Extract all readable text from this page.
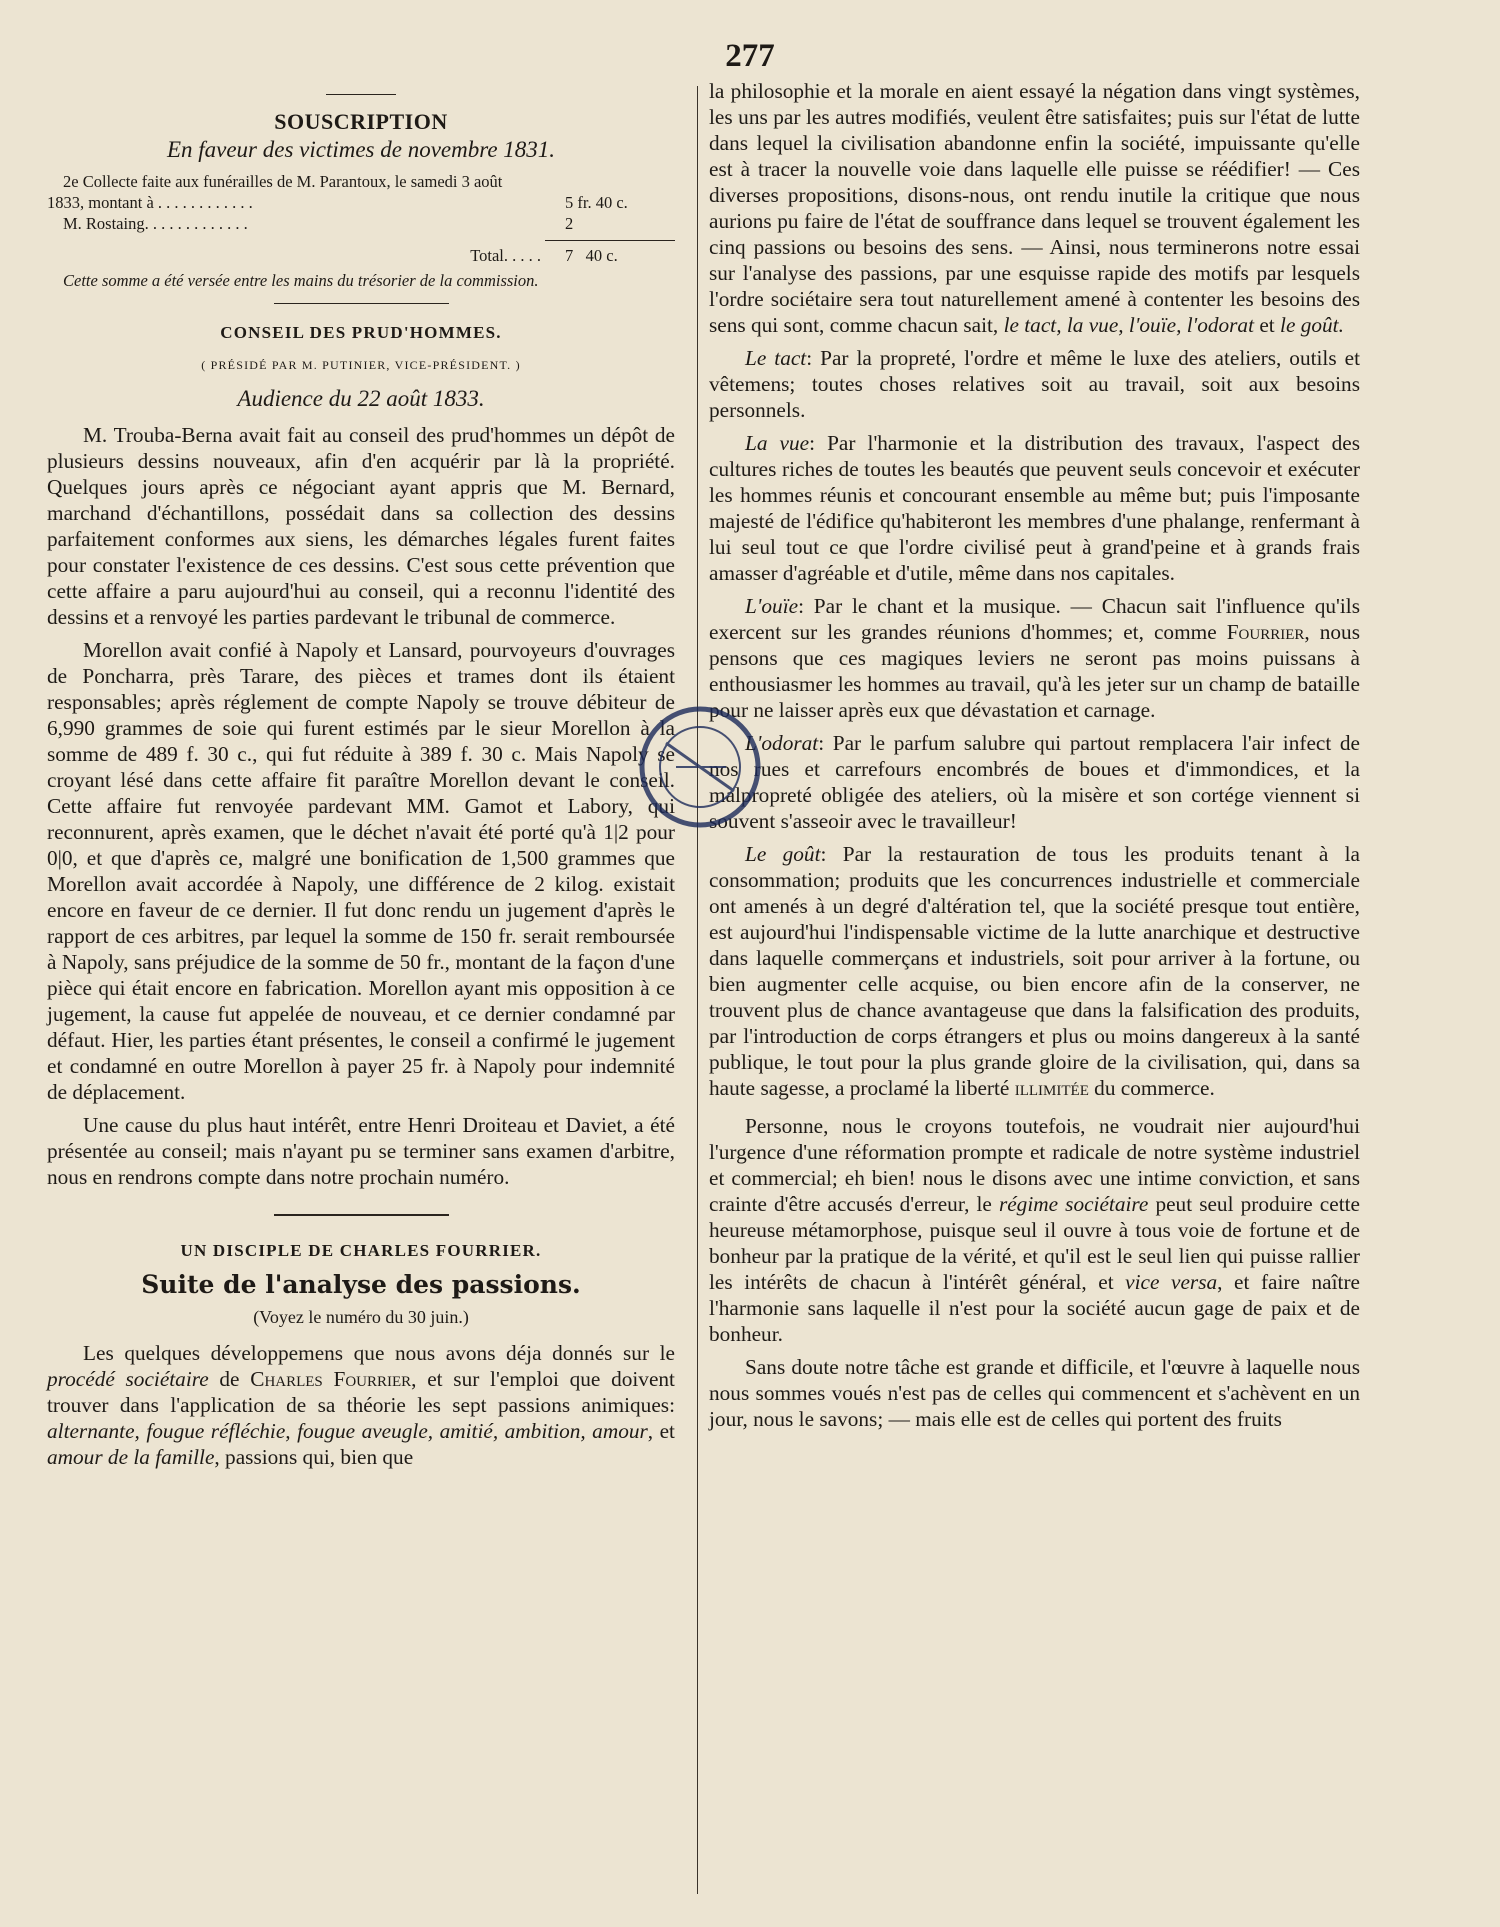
277
SOUSCRIPTION
En faveur des victimes de novembre 1831.
2e Collecte faite aux funérailles de M. Parantoux, le samedi 3 août
1833, montant à . . . . . . . . . . . .	5 fr. 40 c.
M. Rostaing. . . . . . . . . . . . .	2
Total. . . . .	7   40 c.
Cette somme a été versée entre les mains du trésorier de la commission.
CONSEIL DES PRUD'HOMMES.
( PRÉSIDÉ PAR M. PUTINIER, VICE-PRÉSIDENT. )
Audience du 22 août 1833.

M. Trouba-Berna avait fait au conseil des prud'hommes un dépôt de plusieurs dessins nouveaux, afin d'en acquérir par là la propriété. Quelques jours après ce négociant ayant appris que M. Bernard, marchand d'échantillons, possédait dans sa collection des dessins parfaitement conformes aux siens, les démarches légales furent faites pour constater l'existence de ces dessins. C'est sous cette prévention que cette affaire a paru aujourd'hui au conseil, qui a reconnu l'identité des dessins et a renvoyé les parties pardevant le tribunal de commerce.

Morellon avait confié à Napoly et Lansard, pourvoyeurs d'ouvrages de Poncharra, près Tarare, des pièces et trames dont ils étaient responsables; après réglement de compte Napoly se trouve débiteur de 6,990 grammes de soie qui furent estimés par le sieur Morellon à la somme de 489 f. 30 c., qui fut réduite à 389 f. 30 c. Mais Napoly se croyant lésé dans cette affaire fit paraître Morellon devant le conseil. Cette affaire fut renvoyée pardevant MM. Gamot et Labory, qui reconnurent, après examen, que le déchet n'avait été porté qu'à 1|2 pour 0|0, et que d'après ce, malgré une bonification de 1,500 grammes que Morellon avait accordée à Napoly, une différence de 2 kilog. existait encore en faveur de ce dernier. Il fut donc rendu un jugement d'après le rapport de ces arbitres, par lequel la somme de 150 fr. serait remboursée à Napoly, sans préjudice de la somme de 50 fr., montant de la façon d'une pièce qui était encore en fabrication. Morellon ayant mis opposition à ce jugement, la cause fut appelée de nouveau, et ce dernier condamné par défaut. Hier, les parties étant présentes, le conseil a confirmé le jugement et condamné en outre Morellon à payer 25 fr. à Napoly pour indemnité de déplacement.

Une cause du plus haut intérêt, entre Henri Droiteau et Daviet, a été présentée au conseil; mais n'ayant pu se terminer sans examen d'arbitre, nous en rendrons compte dans notre prochain numéro.

UN DISCIPLE DE CHARLES FOURRIER.
Suite de l'analyse des passions.
(Voyez le numéro du 30 juin.)

Les quelques développemens que nous avons déja donnés sur le procédé sociétaire de Charles Fourrier, et sur l'emploi que doivent trouver dans l'application de sa théorie les sept passions animiques: alternante, fougue réfléchie, fougue aveugle, amitié, ambition, amour, et amour de la famille, passions qui, bien que

la philosophie et la morale en aient essayé la négation dans vingt systèmes, les uns par les autres modifiés, veulent être satisfaites; puis sur l'état de lutte dans lequel la civilisation abandonne enfin la société, impuissante qu'elle est à tracer la nouvelle voie dans laquelle elle puisse se réédifier! — Ces diverses propositions, disons-nous, ont rendu inutile la critique que nous aurions pu faire de l'état de souffrance dans lequel se trouvent également les cinq passions ou besoins des sens. — Ainsi, nous terminerons notre essai sur l'analyse des passions, par une esquisse rapide des motifs par lesquels l'ordre sociétaire sera tout naturellement amené à contenter les besoins des sens qui sont, comme chacun sait, le tact, la vue, l'ouïe, l'odorat et le goût.

Le tact: Par la propreté, l'ordre et même le luxe des ateliers, outils et vêtemens; toutes choses relatives soit au travail, soit aux besoins personnels.

La vue: Par l'harmonie et la distribution des travaux, l'aspect des cultures riches de toutes les beautés que peuvent seuls concevoir et exécuter les hommes réunis et concourant ensemble au même but; puis l'imposante majesté de l'édifice qu'habiteront les membres d'une phalange, renfermant à lui seul tout ce que l'ordre civilisé peut à grand'peine et à grands frais amasser d'agréable et d'utile, même dans nos capitales.

L'ouïe: Par le chant et la musique. — Chacun sait l'influence qu'ils exercent sur les grandes réunions d'hommes; et, comme Fourrier, nous pensons que ces magiques leviers ne seront pas moins puissans à enthousiasmer les hommes au travail, qu'à les jeter sur un champ de bataille pour ne laisser après eux que dévastation et carnage.

L'odorat: Par le parfum salubre qui partout remplacera l'air infect de nos rues et carrefours encombrés de boues et d'immondices, et la malpropreté obligée des ateliers, où la misère et son cortége viennent si souvent s'asseoir avec le travailleur!

Le goût: Par la restauration de tous les produits tenant à la consommation; produits que les concurrences industrielle et commerciale ont amenés à un degré d'altération tel, que la société presque tout entière, est aujourd'hui l'indispensable victime de la lutte anarchique et destructive dans laquelle commerçans et industriels, soit pour arriver à la fortune, ou bien augmenter celle acquise, ou bien encore afin de la conserver, ne trouvent plus de chance avantageuse que dans la falsification des produits, par l'introduction de corps étrangers et plus ou moins dangereux à la santé publique, le tout pour la plus grande gloire de la civilisation, qui, dans sa haute sagesse, a proclamé la liberté illimitée du commerce.

Personne, nous le croyons toutefois, ne voudrait nier aujourd'hui l'urgence d'une réformation prompte et radicale de notre système industriel et commercial; eh bien! nous le disons avec une intime conviction, et sans crainte d'être accusés d'erreur, le régime sociétaire peut seul produire cette heureuse métamorphose, puisque seul il ouvre à tous voie de fortune et de bonheur par la pratique de la vérité, et qu'il est le seul lien qui puisse rallier les intérêts de chacun à l'intérêt général, et vice versa, et faire naître l'harmonie sans laquelle il n'est pour la société aucun gage de paix et de bonheur.

Sans doute notre tâche est grande et difficile, et l'œuvre à laquelle nous nous sommes voués n'est pas de celles qui commencent et s'achèvent en un jour, nous le savons; — mais elle est de celles qui portent des fruits
